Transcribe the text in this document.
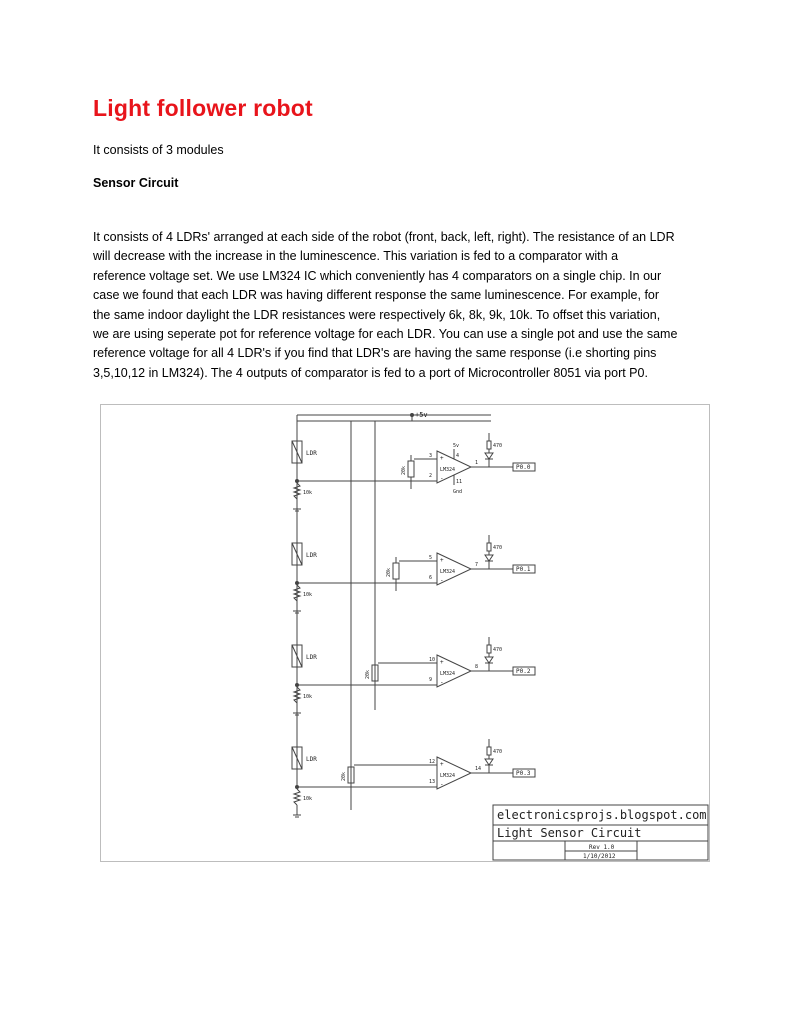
Light follower robot

It consists of 3 modules

Sensor Circuit

It consists of 4 LDRs' arranged at each side of the robot (front, back, left, right). The resistance of an LDR
will decrease with the increase in the luminescence. This variation is fed to a comparator with a
reference voltage set. We use LM324 IC which conveniently has 4 comparators on a single chip. In our
case we found that each LDR was having different response the same luminescence. For example, for
the same indoor daylight the LDR resistances were respectively 6k, 8k, 9k, 10k. To offset this variation,
we are using seperate pot for reference voltage for each LDR. You can use a single pot and use the same
reference voltage for all 4 LDR's if you find that LDR's are having the same response (i.e shorting pins
3,5,10,12 in LM324). The 4 outputs of comparator is fed to a port of Microcontroller 8051 via port P0.
+5v
LDR
10k
20k	LM324
+
-
3
2
1
P0.0
470
4
5v
11
Gnd
LDR
10k
20k	LM324
+
-
5
6
7
P0.1
470
LDR
10k
20k	LM324
+
-
10
9
8
P0.2
470
LDR
10k
20k	LM324
+
-
12
13
14
P0.3
470
electronicsprojs.blogspot.com
Light Sensor Circuit
Rev 1.0
1/10/2012
